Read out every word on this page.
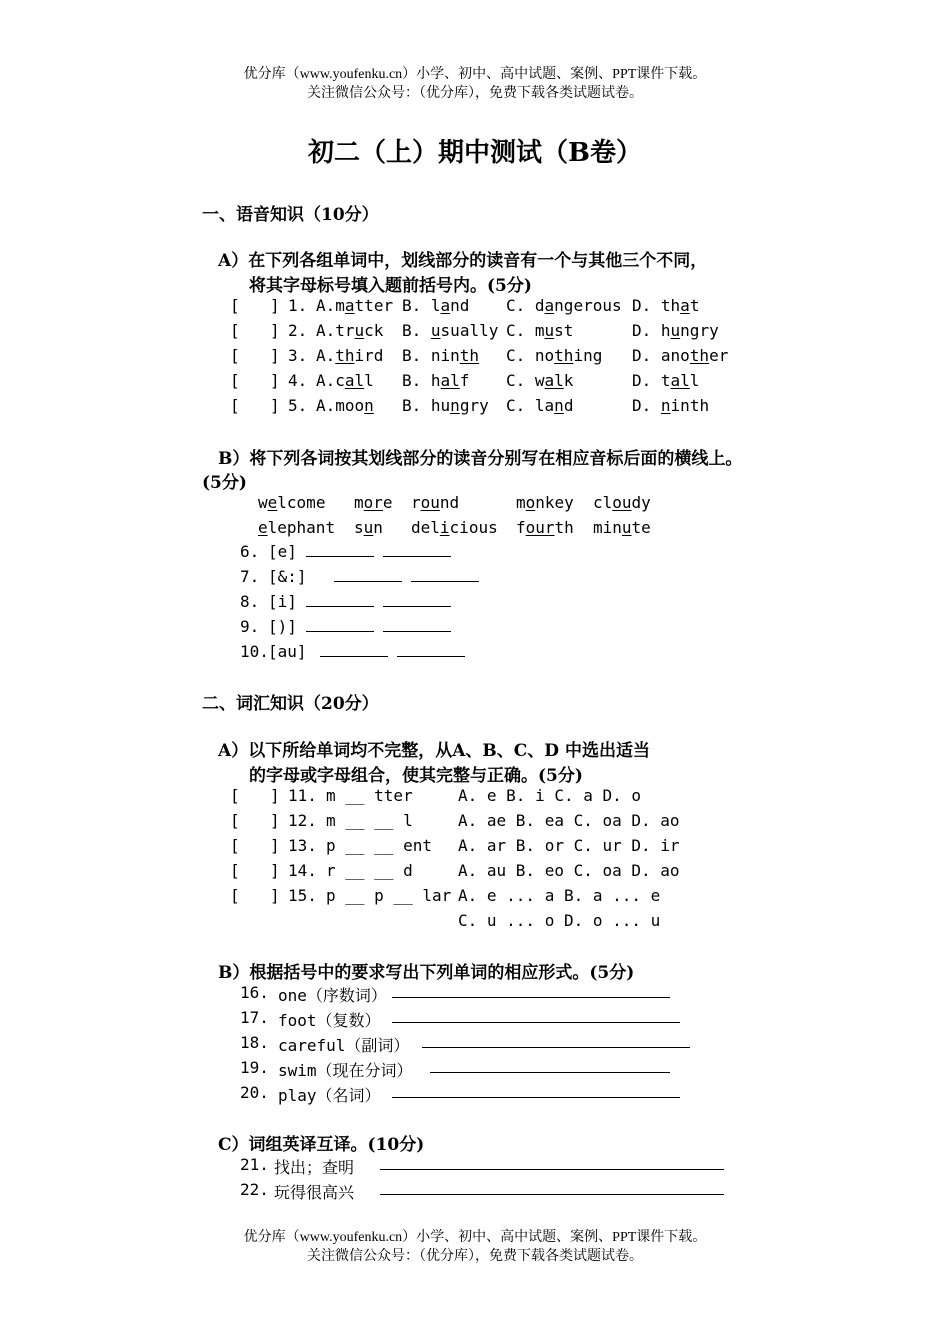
优分库（www.youfenku.cn）小学、初中、高中试题、案例、PPT课件下载。
关注微信公众号：（优分库），免费下载各类试题试卷。
初二（上）期中测试（B卷）
一、语音知识（10分）
A）在下列各组单词中，划线部分的读音有一个与其他三个不同，
将其字母标号填入题前括号内。(5分)
[ ] 1. A.matter B. land C. dangerous D. that
[ ] 2. A.truck B. usually C. must	D. hungry
[ ] 3. A.third B. ninth C. nothing D. another
[ ] 4. A.call B. half C. walk	D. tall
[ ] 5. A.moon B. hungry C. land	D. ninth
B）将下列各词按其划线部分的读音分别写在相应音标后面的横线上。
(5分)
welcome more round	monkey cloudy
elephant sun delicious fourth minute
6. [e]
7. [&:]
8. [i]
9. [)]
10. [au]
二、词汇知识（20分）
A）以下所给单词均不完整，从A、B、C、D 中选出适当
的字母或字母组合，使其完整与正确。(5分)
[ ] 11. m __ tter	A. e B. i C. a D. o
[ ] 12. m __ __ l	A. ae B. ea C. oa D. ao
[ ] 13. p __ __ ent A. ar B. or C. ur D. ir
[ ] 14. r __ __ d	A. au B. eo C. oa D. ao
[ ] 15. p __ p __ lar A. e ... a B. a ... e
C. u ... o D. o ... u
B）根据括号中的要求写出下列单词的相应形式。(5分)
16. one（序数词）
17. foot（复数）
18. careful（副词）
19. swim（现在分词）
20. play（名词）
C）词组英译互译。(10分)
21. 找出；查明
22. 玩得很高兴
优分库（www.youfenku.cn）小学、初中、高中试题、案例、PPT课件下载。
关注微信公众号：（优分库），免费下载各类试题试卷。
